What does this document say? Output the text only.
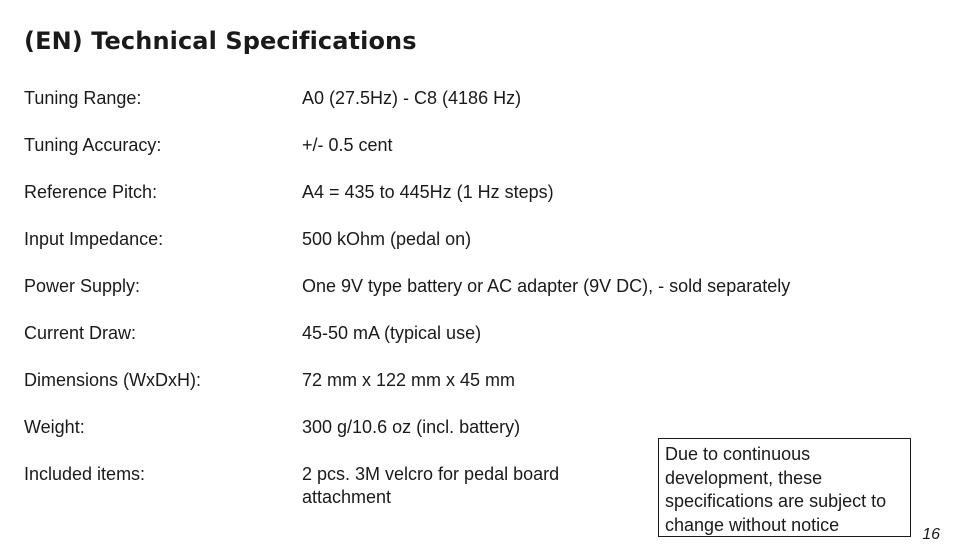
(EN) Technical Specifications
Tuning Range:	A0 (27.5Hz) - C8 (4186 Hz)
Tuning Accuracy:	+/- 0.5 cent
Reference Pitch:	A4 = 435 to 445Hz (1 Hz steps)
Input Impedance:	500 kOhm (pedal on)
Power Supply:	One 9V type battery or AC adapter (9V DC), - sold separately
Current Draw:	45-50 mA (typical use)
Dimensions (WxDxH):	72 mm x 122 mm x 45 mm
Weight:	300 g/10.6 oz (incl. battery)
Included items:	2 pcs. 3M velcro for pedal board attachment
Due to continuous development, these specifications are subject to change without notice	16
